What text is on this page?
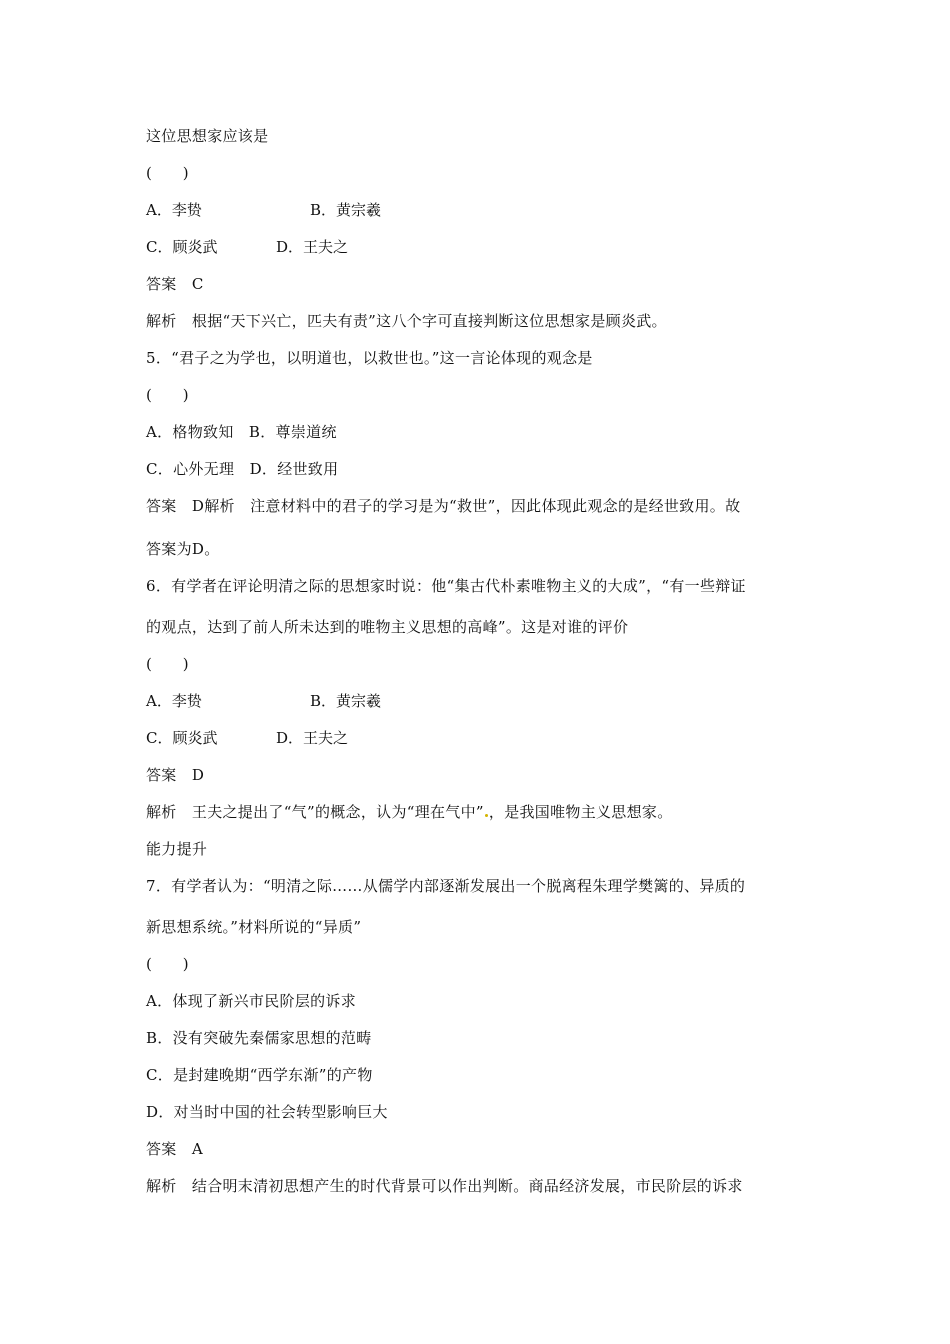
这位思想家应该是
(　　)
A．李贽	B．黄宗羲
C．顾炎武	D．王夫之
答案　C
解析　根据“天下兴亡，匹夫有责”这八个字可直接判断这位思想家是顾炎武。
5．“君子之为学也，以明道也，以救世也。”这一言论体现的观念是
(　　)
A．格物致知　B．尊崇道统
C．心外无理　D．经世致用
答案　D解析　注意材料中的君子的学习是为“救世”，因此体现此观念的是经世致用。故
答案为D。
6．有学者在评论明清之际的思想家时说：他“集古代朴素唯物主义的大成”，“有一些辩证
的观点，达到了前人所未达到的唯物主义思想的高峰”。这是对谁的评价
(　　)
A．李贽	B．黄宗羲
C．顾炎武	D．王夫之
答案　D
解析　王夫之提出了“气”的概念，认为“理在气中” ，是我国唯物主义思想家。
能力提升
7．有学者认为：“明清之际……从儒学内部逐渐发展出一个脱离程朱理学樊篱的、异质的
新思想系统。”材料所说的“异质”
(　　)
A．体现了新兴市民阶层的诉求
B．没有突破先秦儒家思想的范畴
C．是封建晚期“西学东渐”的产物
D．对当时中国的社会转型影响巨大
答案　A
解析　结合明末清初思想产生的时代背景可以作出判断。商品经济发展，市民阶层的诉求
